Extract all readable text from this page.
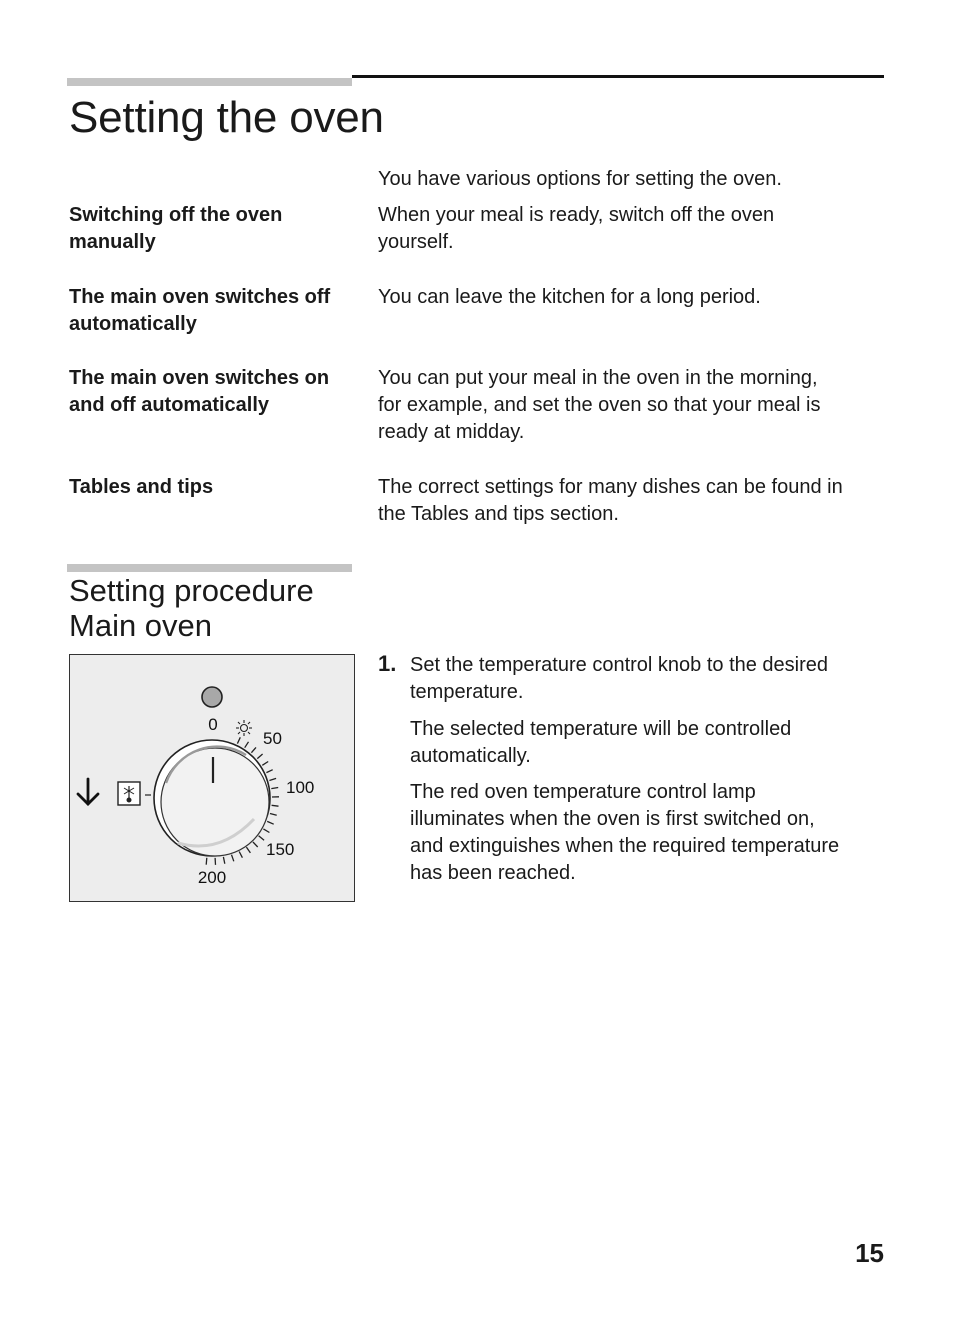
Setting the oven
You have various options for setting the oven.
Switching off the oven
manually
When your meal is ready, switch off the oven
yourself.
The main oven switches off
automatically
You can leave the kitchen for a long period.
The main oven switches on
and off automatically
You can put your meal in the oven in the morning,
for example, and set the oven so that your meal is
ready at midday.
Tables and tips	The correct settings for many dishes can be found in
the Tables and tips section.
Setting procedure
Main oven
0
50
100
150
200
1. Set the temperature control knob to the desired
temperature.
The selected temperature will be controlled
automatically.
The red oven temperature control lamp
illuminates when the oven is first switched on,
and extinguishes when the required temperature
has been reached.
15
